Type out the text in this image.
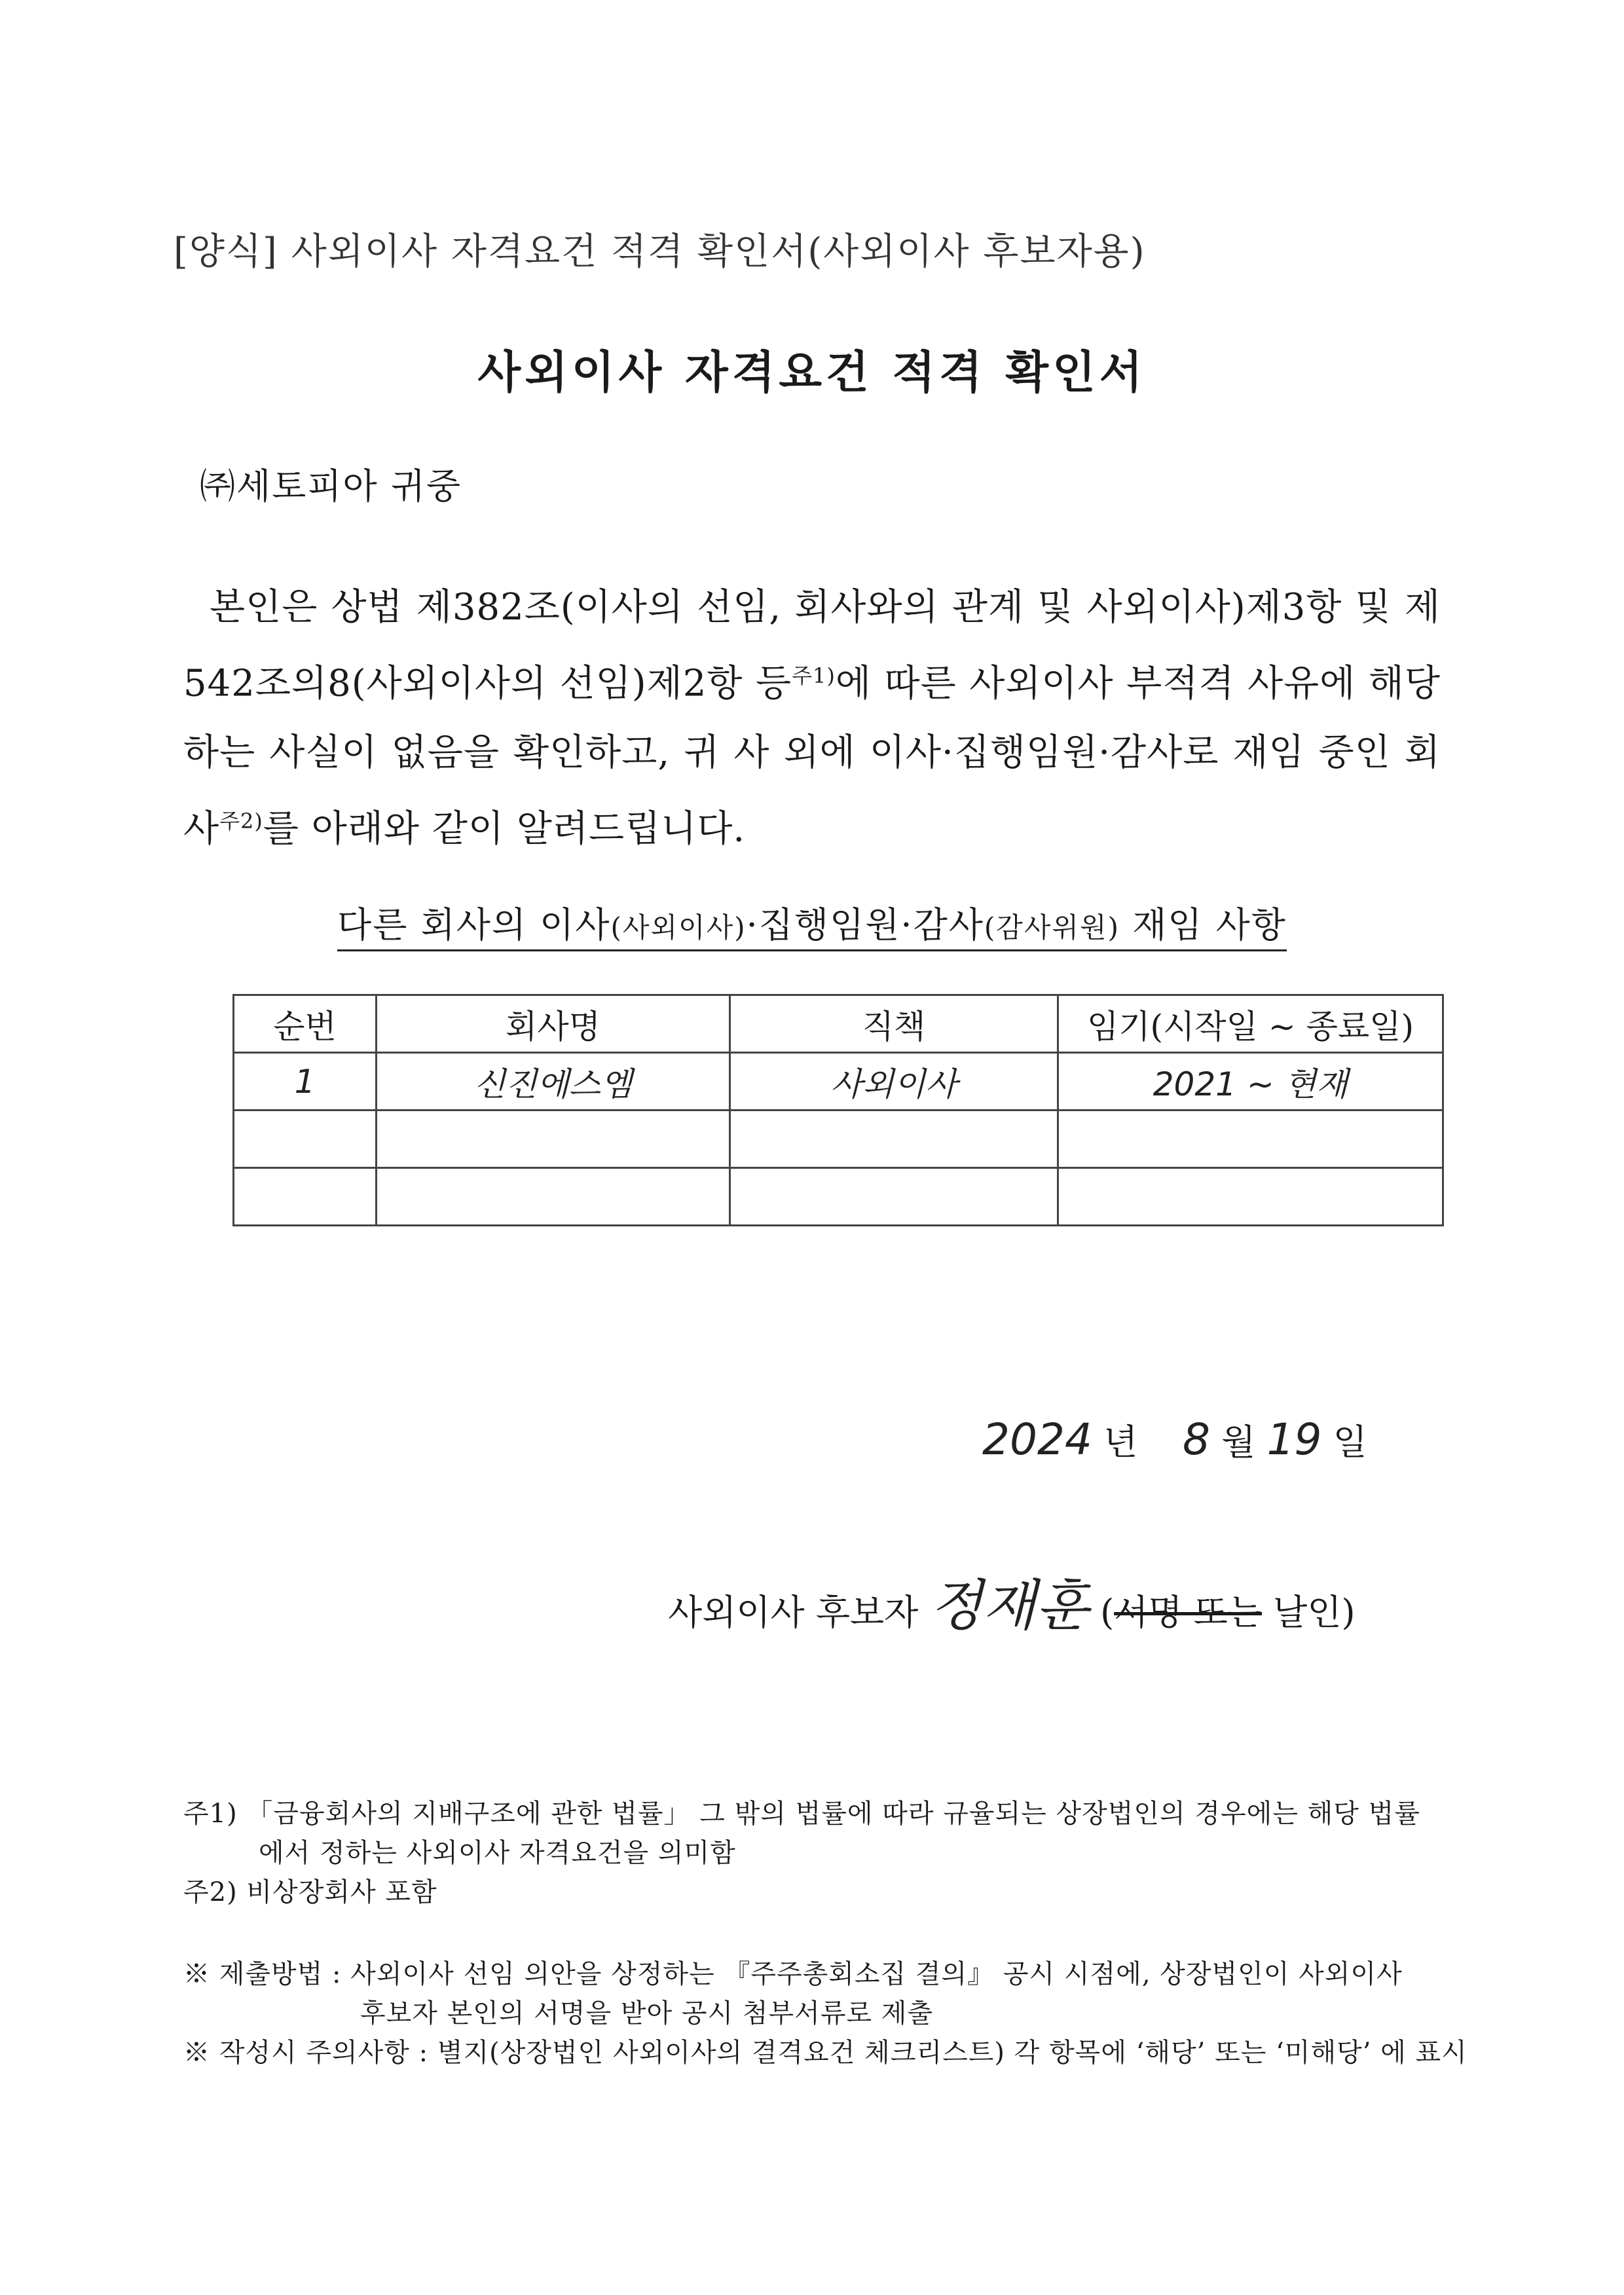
[양식] 사외이사 자격요건 적격 확인서(사외이사 후보자용)
사외이사 자격요건 적격 확인서
㈜세토피아 귀중
본인은 상법 제382조(이사의 선임, 회사와의 관계 및 사외이사)제3항 및 제542조의8(사외이사의 선임)제2항 등$^{주1)}$에 따른 사외이사 부적격 사유에 해당하는 사실이 없음을 확인하고, 귀 사 외에 이사·집행임원·감사로 재임 중인 회사$^{주2)}$를 아래와 같이 알려드립니다.
다른 회사의 이사(사외이사)·집행임원·감사(감사위원) 재임 사항
순번	회사명	직책	임기(시작일 ~ 종료일)
1	신진에스엠	사외이사	2021 ~ 현재

2024 년 8 월 19 일
사외이사 후보자 정재훈 (서명 또는 날인)
주1) 「금융회사의 지배구조에 관한 법률」 그 밖의 법률에 따라 규율되는 상장법인의 경우에는 해당 법률
에서 정하는 사외이사 자격요건을 의미함
주2) 비상장회사 포함
※ 제출방법 : 사외이사 선임 의안을 상정하는 『주주총회소집 결의』 공시 시점에, 상장법인이 사외이사
후보자 본인의 서명을 받아 공시 첨부서류로 제출
※ 작성시 주의사항 : 별지(상장법인 사외이사의 결격요건 체크리스트) 각 항목에 ‘해당’ 또는 ‘미해당’ 에 표시
